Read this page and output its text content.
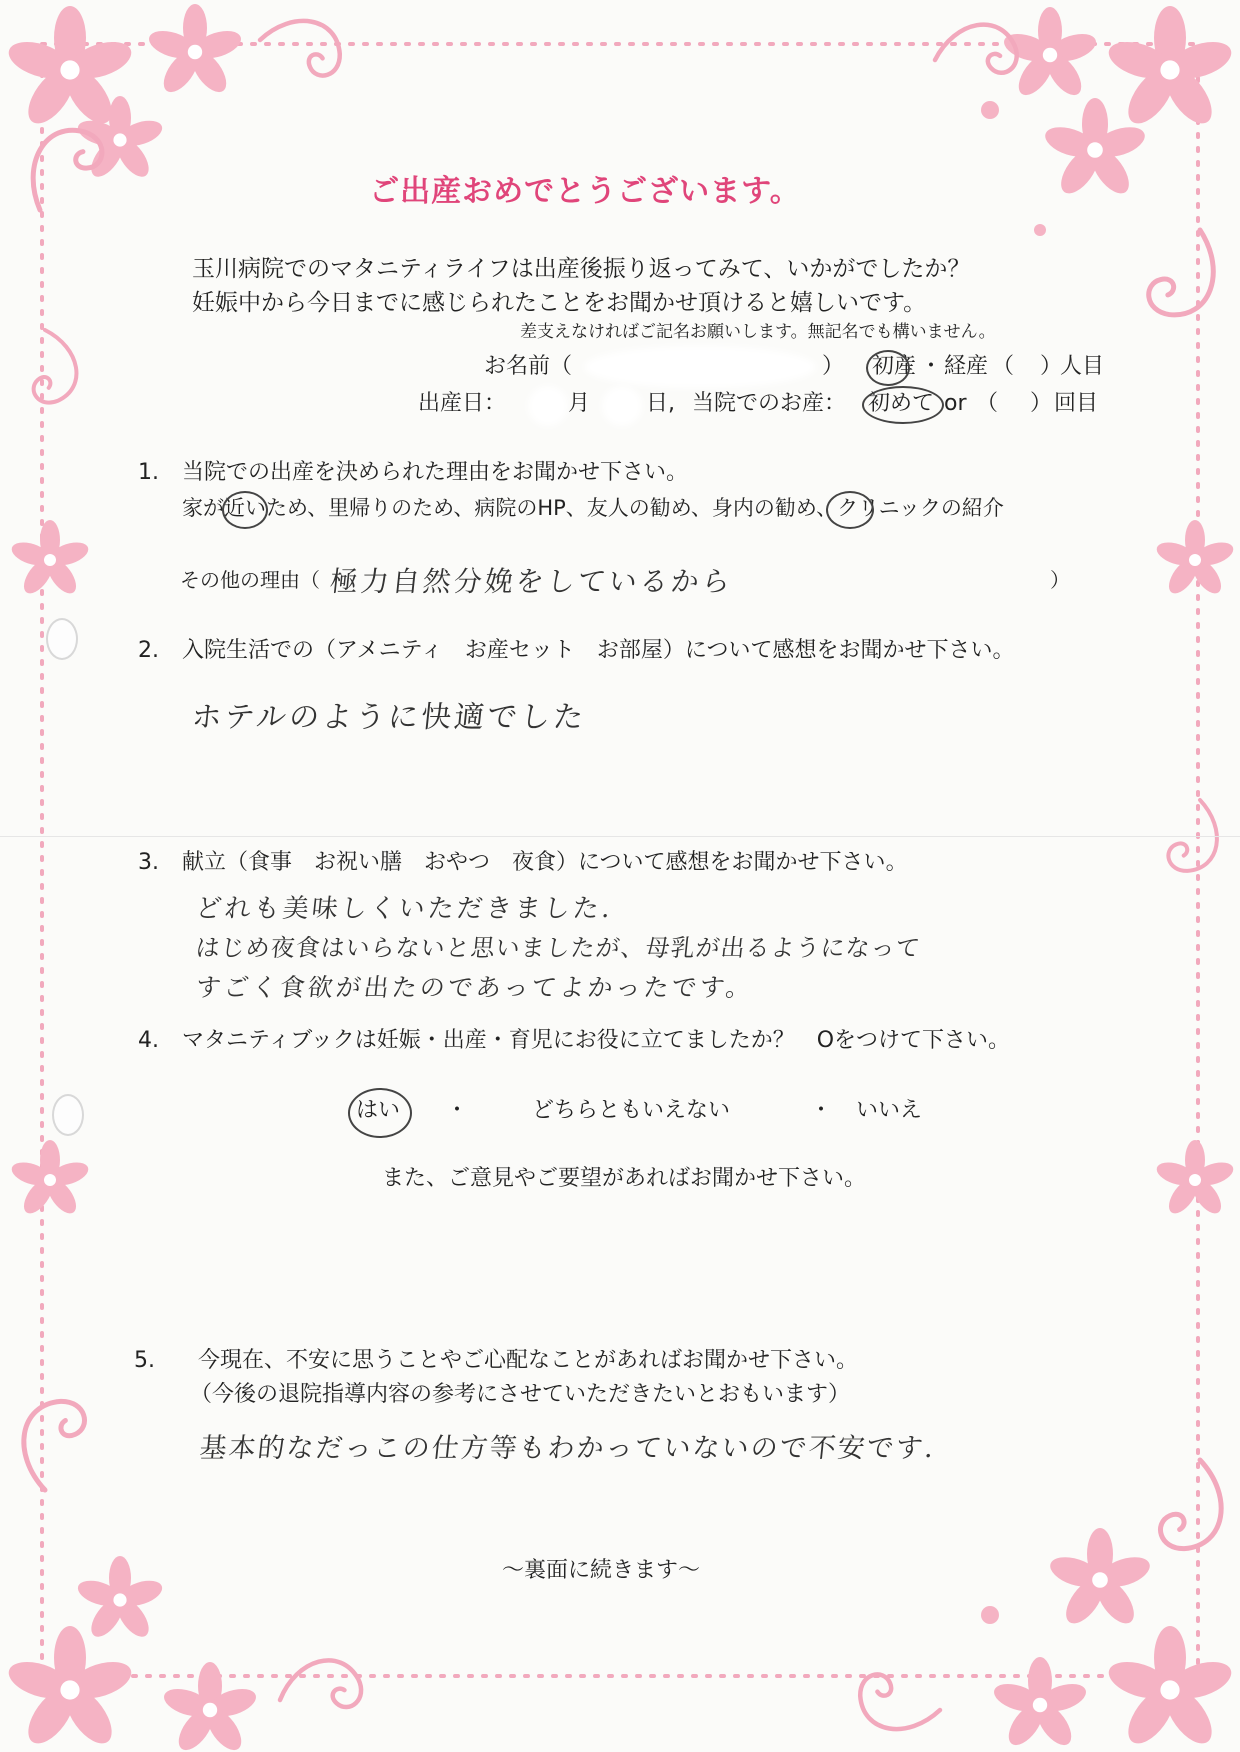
ご出産おめでとうございます。
玉川病院でのマタニティライフは出産後振り返ってみて、いかがでしたか？
妊娠中から今日までに感じられたことをお聞かせ頂けると嬉しいです。
差支えなければご記名お願いします。無記名でも構いません。
お名前（	） 初産 ・ 経産 （ ）
人目
出産日：	月	日, 当院でのお産： 初めて or （ ） 回目
1. 当院での出産を決められた理由をお聞かせ下さい。
家が近いため、里帰りのため、病院のHP、友人の勧め、身内の勧め、クリニックの紹介
その他の理由（ 極力自然分娩をしているから	）
2. 入院生活での（アメニティ　お産セット　お部屋）について感想をお聞かせ下さい。
ホテルのように快適でした
3. 献立（食事　お祝い膳　おやつ　夜食）について感想をお聞かせ下さい。
どれも美味しくいただきました.
はじめ夜食はいらないと思いましたが、母乳が出るようになって
すごく食欲が出たのであってよかったです。
4. マタニティブックは妊娠・出産・育児にお役に立てましたか？　Oをつけて下さい。
はい ・	どちらともいえない	・ いいえ
また、ご意見やご要望があればお聞かせ下さい。
5. 今現在、不安に思うことやご心配なことがあればお聞かせ下さい。
（今後の退院指導内容の参考にさせていただきたいとおもいます）
基本的なだっこの仕方等もわかっていないので不安です.
～裏面に続きます～
